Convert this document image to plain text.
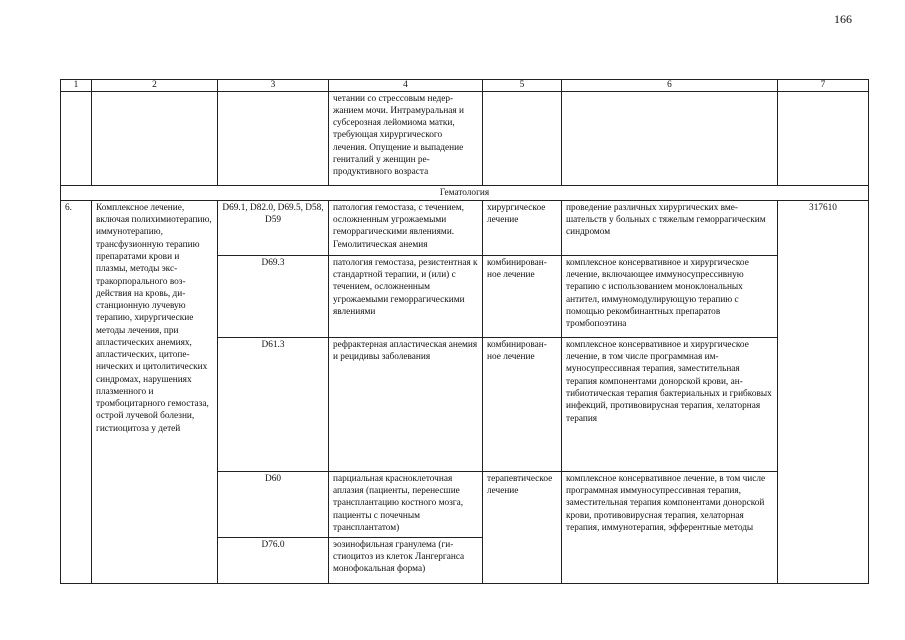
166
1	2	3	4	5	6	7
			четании со стрессовым недержанием мочи. Интрамуральная и субсерозная лейомиома матки, требующая хирургического лечения. Опущение и выпадение гениталий у женщин репродуктивного возраста			
Гематология						
6.	Комплексное лечение, включая полихимиотерапию, иммунотерапию, трансфузионную терапию препаратами крови и плазмы, методы экстракорпорального воздействия на кровь, дистанционную лучевую терапию, хирургические методы лечения, при апластических анемиях, апластических, цитопенических и цитолитических синдромах, нарушениях плазменного и тромбоцитарного гемостаза, острой лучевой болезни, гистиоцитоза у детей	D69.1, D82.0, D69.5, D58, D59	патология гемостаза, с течением, осложненным угрожаемыми геморрагическими явлениями. Гемолитическая анемия	хирургическое лечение	проведение различных хирургических вмешательств у больных с тяжелым геморрагическим синдромом	317610
		D69.3	патология гемостаза, резистентная к стандартной терапии, и (или) с течением, осложненным угрожаемыми геморрагическими явлениями	комбинированное лечение	комплексное консервативное и хирургическое лечение, включающее иммуносупрессивную терапию с использованием моноклональных антител, иммуномодулирующую терапию с помощью рекомбинантных препаратов тромбопоэтина	
		D61.3	рефрактерная апластическая анемия и рецидивы заболевания	комбинированное лечение	комплексное консервативное и хирургическое лечение, в том числе программная иммуносупрессивная терапия, заместительная терапия компонентами донорской крови, антибиотическая терапия бактериальных и грибковых инфекций, противовирусная терапия, хелаторная терапия	
		D60	парциальная красноклеточная аплазия (пациенты, перенесшие трансплантацию костного мозга, пациенты с почечным трансплантатом)	терапевтическое лечение	комплексное консервативное лечение, в том числе программная иммуносупрессивная терапия, заместительная терапия компонентами донорской крови, противовирусная терапия, хелаторная терапия, иммунотерапия, эфферентные методы	
		D76.0	эозинофильная гранулема (гистиоцитоз из клеток Лангерганса монофокальная форма)			
